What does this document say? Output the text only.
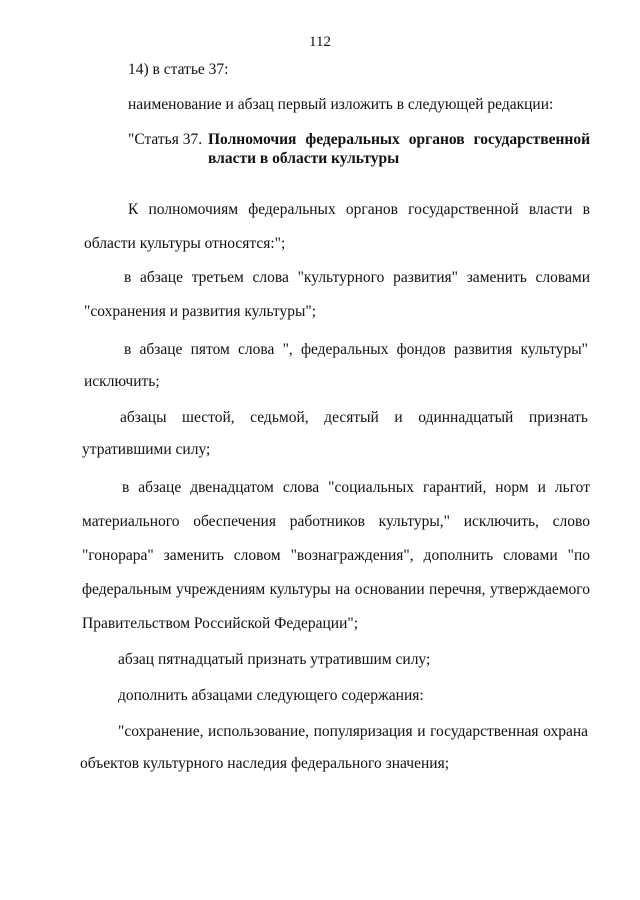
112
14) в статье 37:
наименование и абзац первый изложить в следующей редакции:
"Статья 37. Полномочия федеральных органов государственной
власти в области культуры
К полномочиям федеральных органов государственной власти в
области культуры относятся:";
в абзаце третьем слова "культурного развития" заменить словами
"сохранения и развития культуры";
в абзаце пятом слова ", федеральных фондов развития культуры"
исключить;
абзацы шестой, седьмой, десятый и одиннадцатый признать
утратившими силу;
в абзаце двенадцатом слова "социальных гарантий, норм и льгот
материального обеспечения работников культуры," исключить, слово
"гонорара" заменить словом "вознаграждения", дополнить словами "по
федеральным учреждениям культуры на основании перечня, утверждаемого
Правительством Российской Федерации";
абзац пятнадцатый признать утратившим силу;
дополнить абзацами следующего содержания:
"сохранение, использование, популяризация и государственная охрана
объектов культурного наследия федерального значения;
